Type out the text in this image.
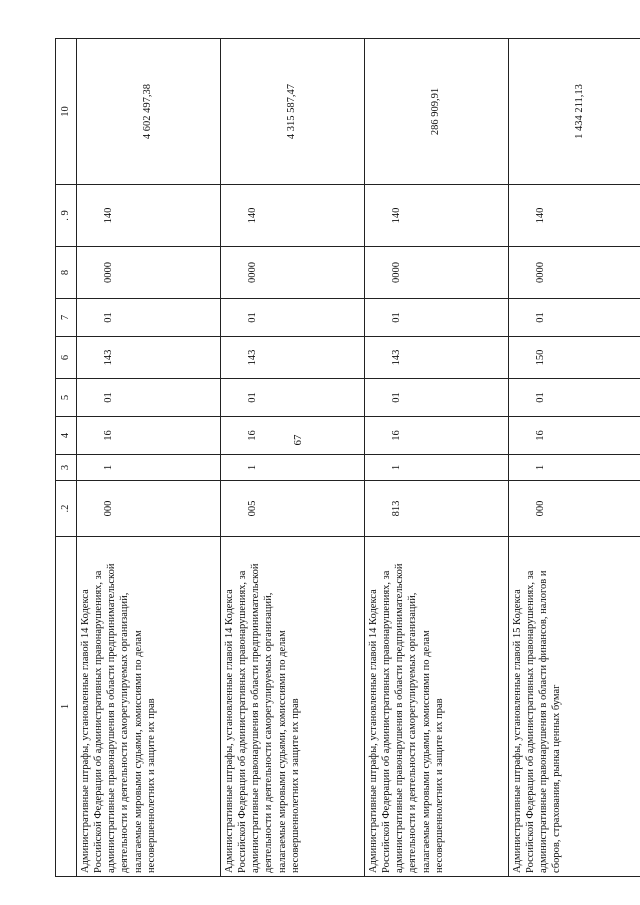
67
1	.2	3	4	5	6	7	8	. 9	10
Административные штрафы, установленные главой 14 Кодекса Российской Федерации об административных правонарушениях, за административные правонарушения в области предпринимательской деятельности и деятельности саморегулируемых организаций, налагаемые мировыми судьями, комиссиями по делам несовершеннолетних и защите их прав	000	1	16	01	143	01	0000	140	4 602 497,38
Административные штрафы, установленные главой 14 Кодекса Российской Федерации об административных правонарушениях, за административные правонарушения в области предпринимательской деятельности и деятельности саморегулируемых организаций, налагаемые мировыми судьями, комиссиями по делам несовершеннолетних и защите их прав	005	1	16	01	143	01	0000	140	4 315 587,47
Административные штрафы, установленные главой 14 Кодекса Российской Федерации об административных правонарушениях, за административные правонарушения в области предпринимательской деятельности и деятельности саморегулируемых организаций, налагаемые мировыми судьями, комиссиями по делам несовершеннолетних и защите их прав	813	1	16	01	143	01	0000	140	286 909,91
Административные штрафы, установленные главой 15 Кодекса Российской Федерации об административных правонарушениях, за административные правонарушения в области финансов, налогов и сборов, страхования, рынка ценных бумаг	000	1	16	01	150	01	0000	140	1 434 211,13
